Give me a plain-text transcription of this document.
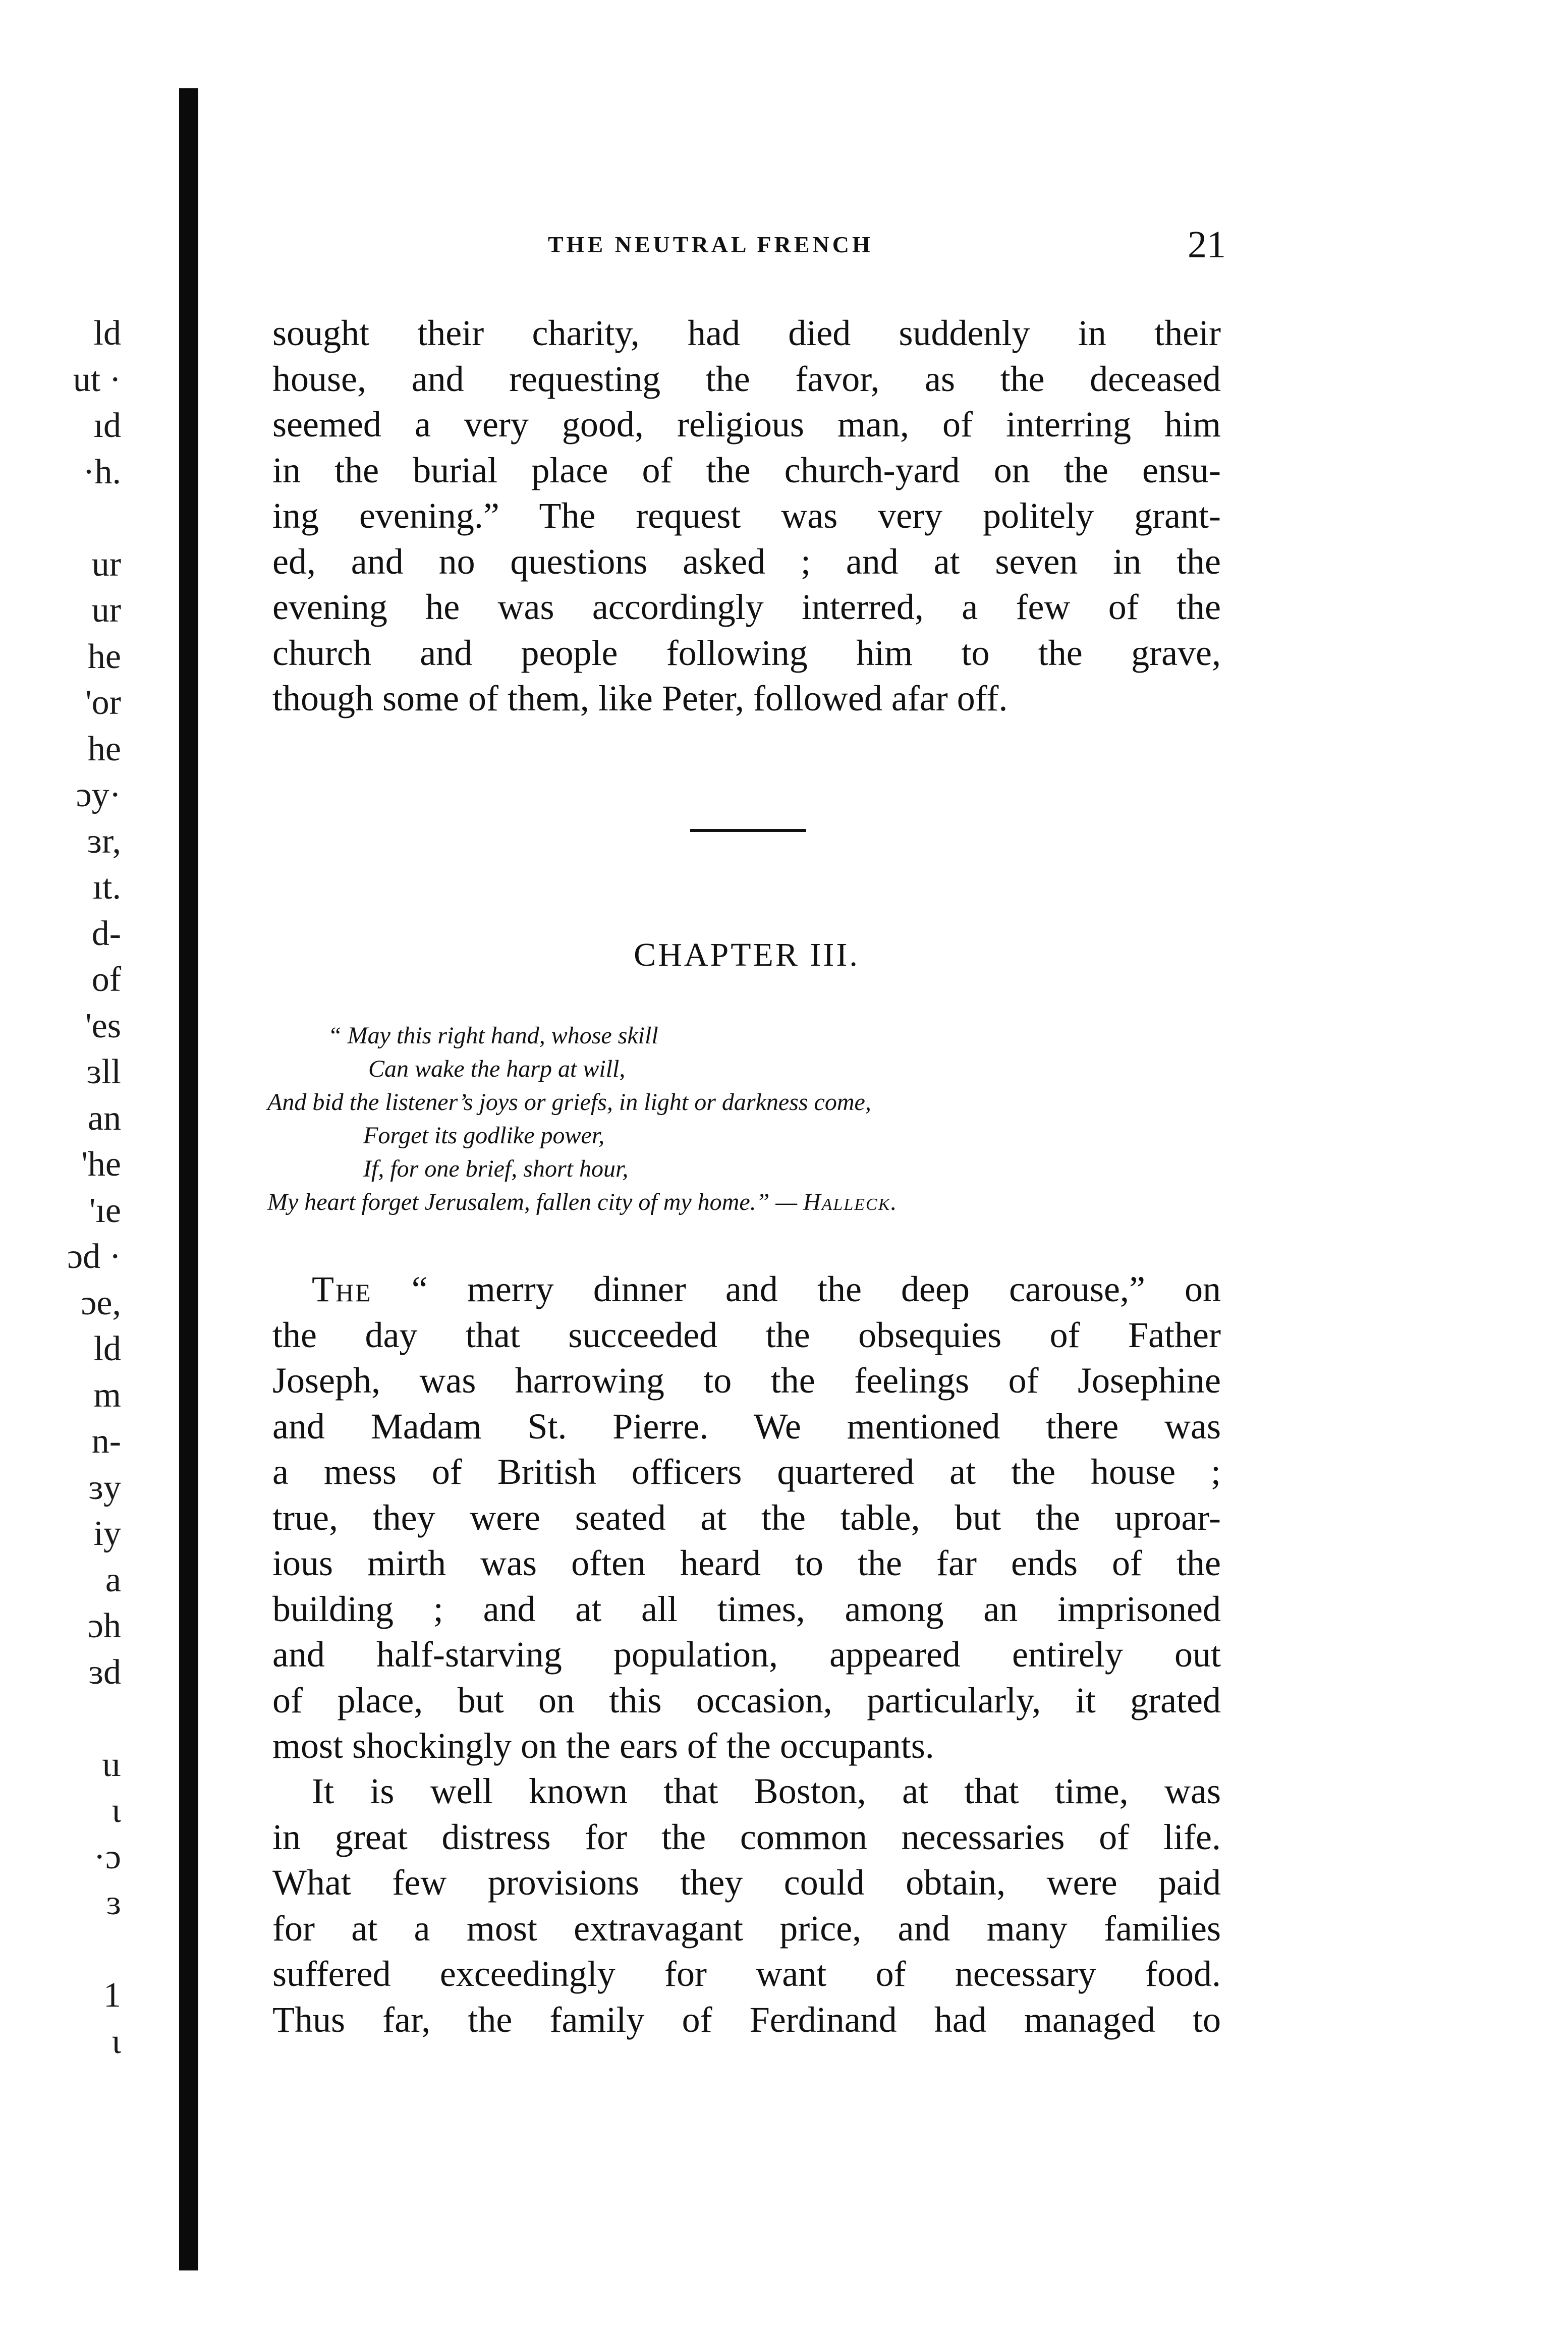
ld
ut ·
ıd
·h.
ur
ur
he
'or
he
ɔy·
ɜr,
ıt.
d-
of
'es
ɜll
an
'he
'ıe
ɔd ·
ɔe,
ld
m
n-
ɜy
iy
a
ɔh
ɜd
ɩı
ɩ
·ɔ
ɜ
1
ɩ
THE NEUTRAL FRENCH	21
sought their charity, had died suddenly in their
house, and requesting the favor, as the deceased
seemed a very good, religious man, of interring him
in the burial place of the church-yard on the ensu-
ing evening.” The request was very politely grant-
ed, and no questions asked ; and at seven in the
evening he was accordingly interred, a few of the
church and people following him to the grave,
though some of them, like Peter, followed afar off.
CHAPTER III.
“ May this right hand, whose skill
Can wake the harp at will,
And bid the listener’s joys or griefs, in light or darkness come,
Forget its godlike power,
If, for one brief, short hour,
My heart forget Jerusalem, fallen city of my home.” — Halleck.
The “ merry dinner and the deep carouse,” on
the day that succeeded the obsequies of Father
Joseph, was harrowing to the feelings of Josephine
and Madam St. Pierre. We mentioned there was
a mess of British officers quartered at the house ;
true, they were seated at the table, but the uproar-
ious mirth was often heard to the far ends of the
building ; and at all times, among an imprisoned
and half-starving population, appeared entirely out
of place, but on this occasion, particularly, it grated
most shockingly on the ears of the occupants.
It is well known that Boston, at that time, was
in great distress for the common necessaries of life.
What few provisions they could obtain, were paid
for at a most extravagant price, and many families
suffered exceedingly for want of necessary food.
Thus far, the family of Ferdinand had managed to
